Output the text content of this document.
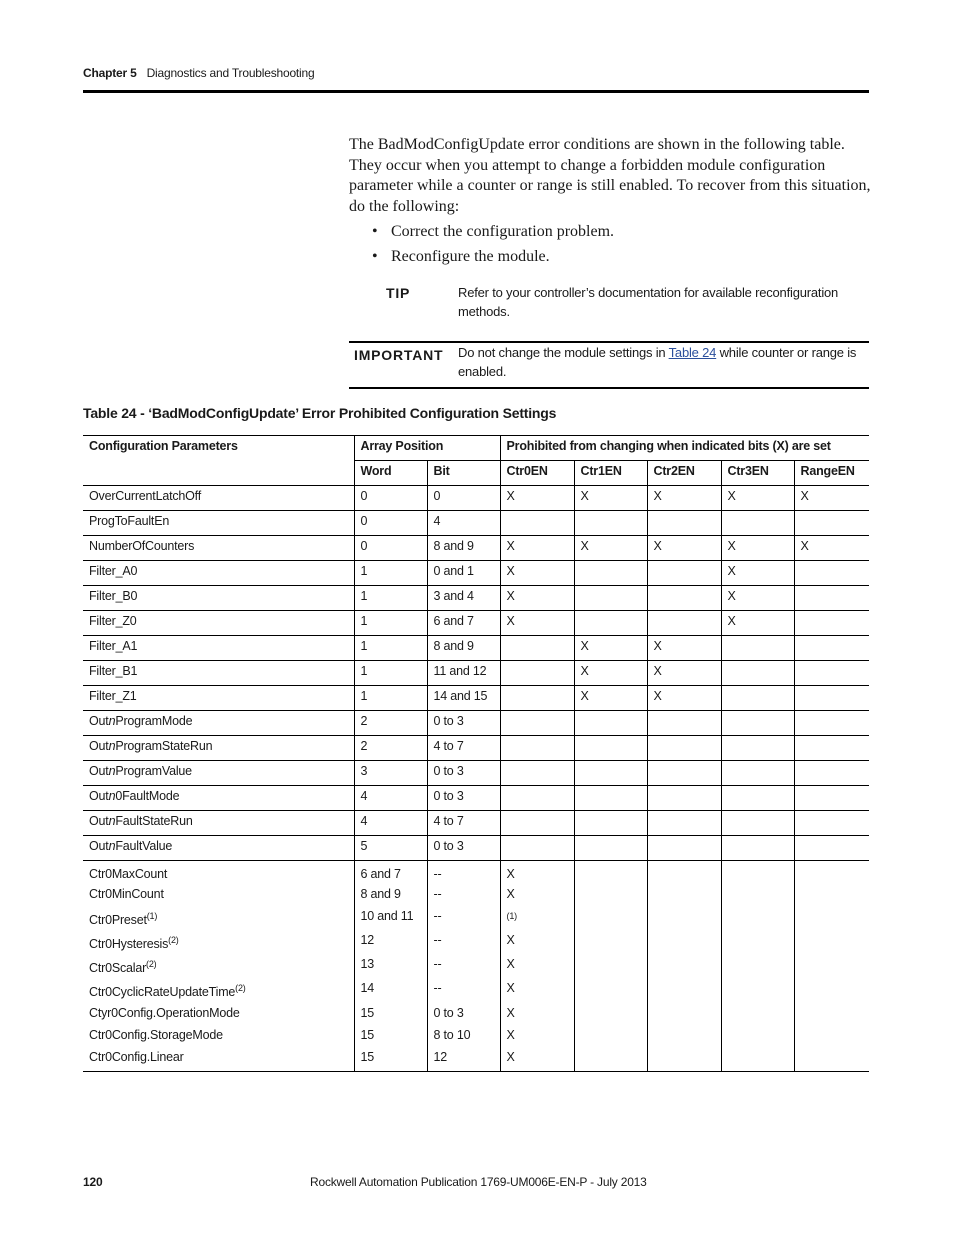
Chapter 5 Diagnostics and Troubleshooting

The BadModConfigUpdate error conditions are shown in the following table. They occur when you attempt to change a forbidden module configuration parameter while a counter or range is still enabled. To recover from this situation, do the following:

• Correct the configuration problem.
• Reconfigure the module.
TIP	Refer to your controller’s documentation for available reconfiguration methods.
IMPORTANT Do not change the module settings in Table 24 while counter or range is enabled.
Table 24 - ‘BadModConfigUpdate’ Error Prohibited Configuration Settings
Configuration Parameters	Array Position		Prohibited from changing when indicated bits (X) are set				
	Word	Bit	Ctr0EN	Ctr1EN	Ctr2EN	Ctr3EN	RangeEN
OverCurrentLatchOff	0	0	X	X	X	X	X
ProgToFaultEn	0	4					
NumberOfCounters	0	8 and 9	X	X	X	X	X
Filter_A0	1	0 and 1	X			X	
Filter_B0	1	3 and 4	X			X	
Filter_Z0	1	6 and 7	X			X	
Filter_A1	1	8 and 9		X	X		
Filter_B1	1	11 and 12		X	X		
Filter_Z1	1	14 and 15		X	X		
OutnProgramMode	2	0 to 3					
OutnProgramStateRun	2	4 to 7					
OutnProgramValue	3	0 to 3					
Outn0FaultMode	4	0 to 3					
OutnFaultStateRun	4	4 to 7					
OutnFaultValue	5	0 to 3					
Ctr0MaxCount	6 and 7	--	X				
Ctr0MinCount	8 and 9	--	X				
Ctr0Preset$^{(1)}$	10 and 11	--	$^{(1)}$				
Ctr0Hysteresis$^{(2)}$	12	--	X				
Ctr0Scalar$^{(2)}$	13	--	X				
Ctr0CyclicRateUpdateTime$^{(2)}$	14	--	X				
Ctyr0Config.OperationMode	15	0 to 3	X				
Ctr0Config.StorageMode	15	8 to 10	X				
Ctr0Config.Linear	15	12	X				
120	Rockwell Automation Publication 1769-UM006E-EN-P - July 2013
